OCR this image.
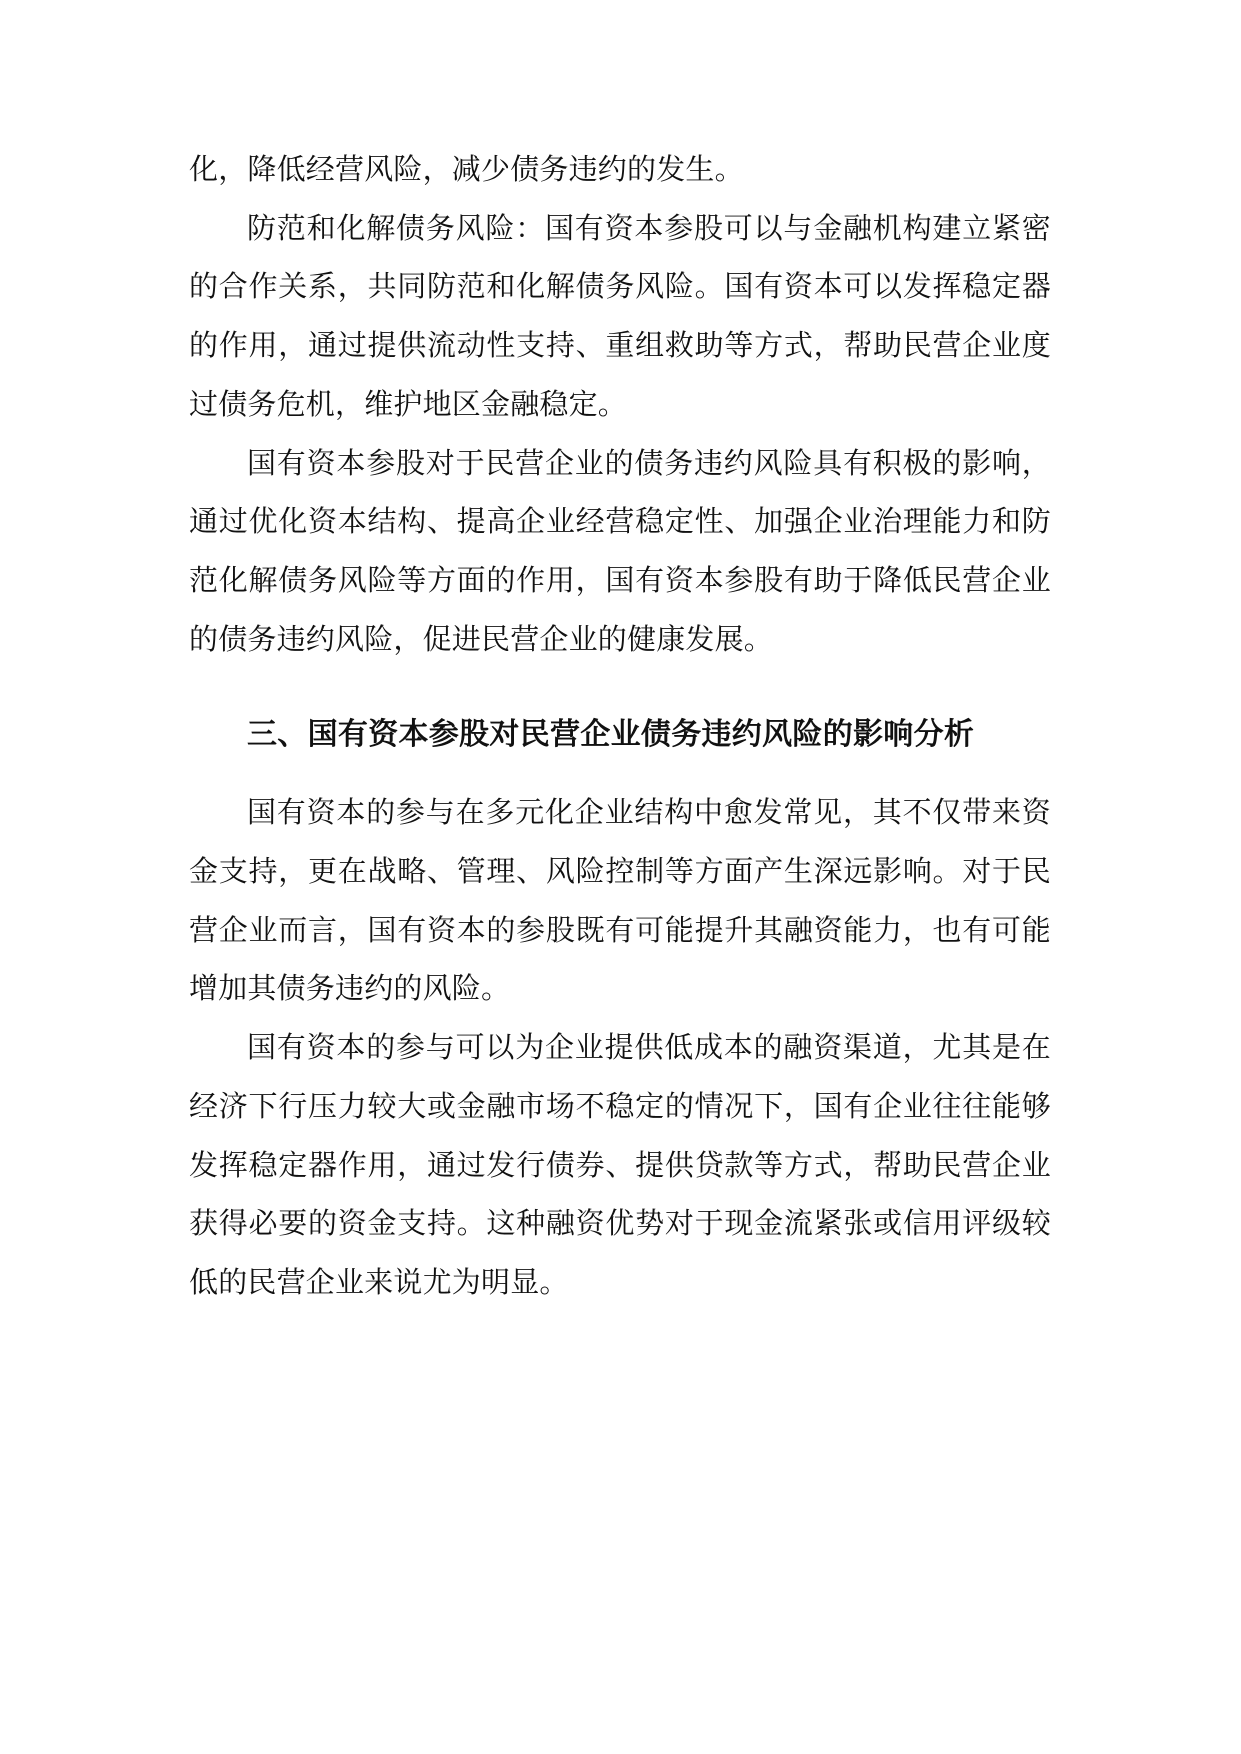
化，降低经营风险，减少债务违约的发生。

防范和化解债务风险：国有资本参股可以与金融机构建立紧密的合作关系，共同防范和化解债务风险。国有资本可以发挥稳定器的作用，通过提供流动性支持、重组救助等方式，帮助民营企业度过债务危机，维护地区金融稳定。

国有资本参股对于民营企业的债务违约风险具有积极的影响，通过优化资本结构、提高企业经营稳定性、加强企业治理能力和防范化解债务风险等方面的作用，国有资本参股有助于降低民营企业的债务违约风险，促进民营企业的健康发展。

三、国有资本参股对民营企业债务违约风险的影响分析

国有资本的参与在多元化企业结构中愈发常见，其不仅带来资金支持，更在战略、管理、风险控制等方面产生深远影响。对于民营企业而言，国有资本的参股既有可能提升其融资能力，也有可能增加其债务违约的风险。

国有资本的参与可以为企业提供低成本的融资渠道，尤其是在经济下行压力较大或金融市场不稳定的情况下，国有企业往往能够发挥稳定器作用，通过发行债券、提供贷款等方式，帮助民营企业获得必要的资金支持。这种融资优势对于现金流紧张或信用评级较低的民营企业来说尤为明显。
